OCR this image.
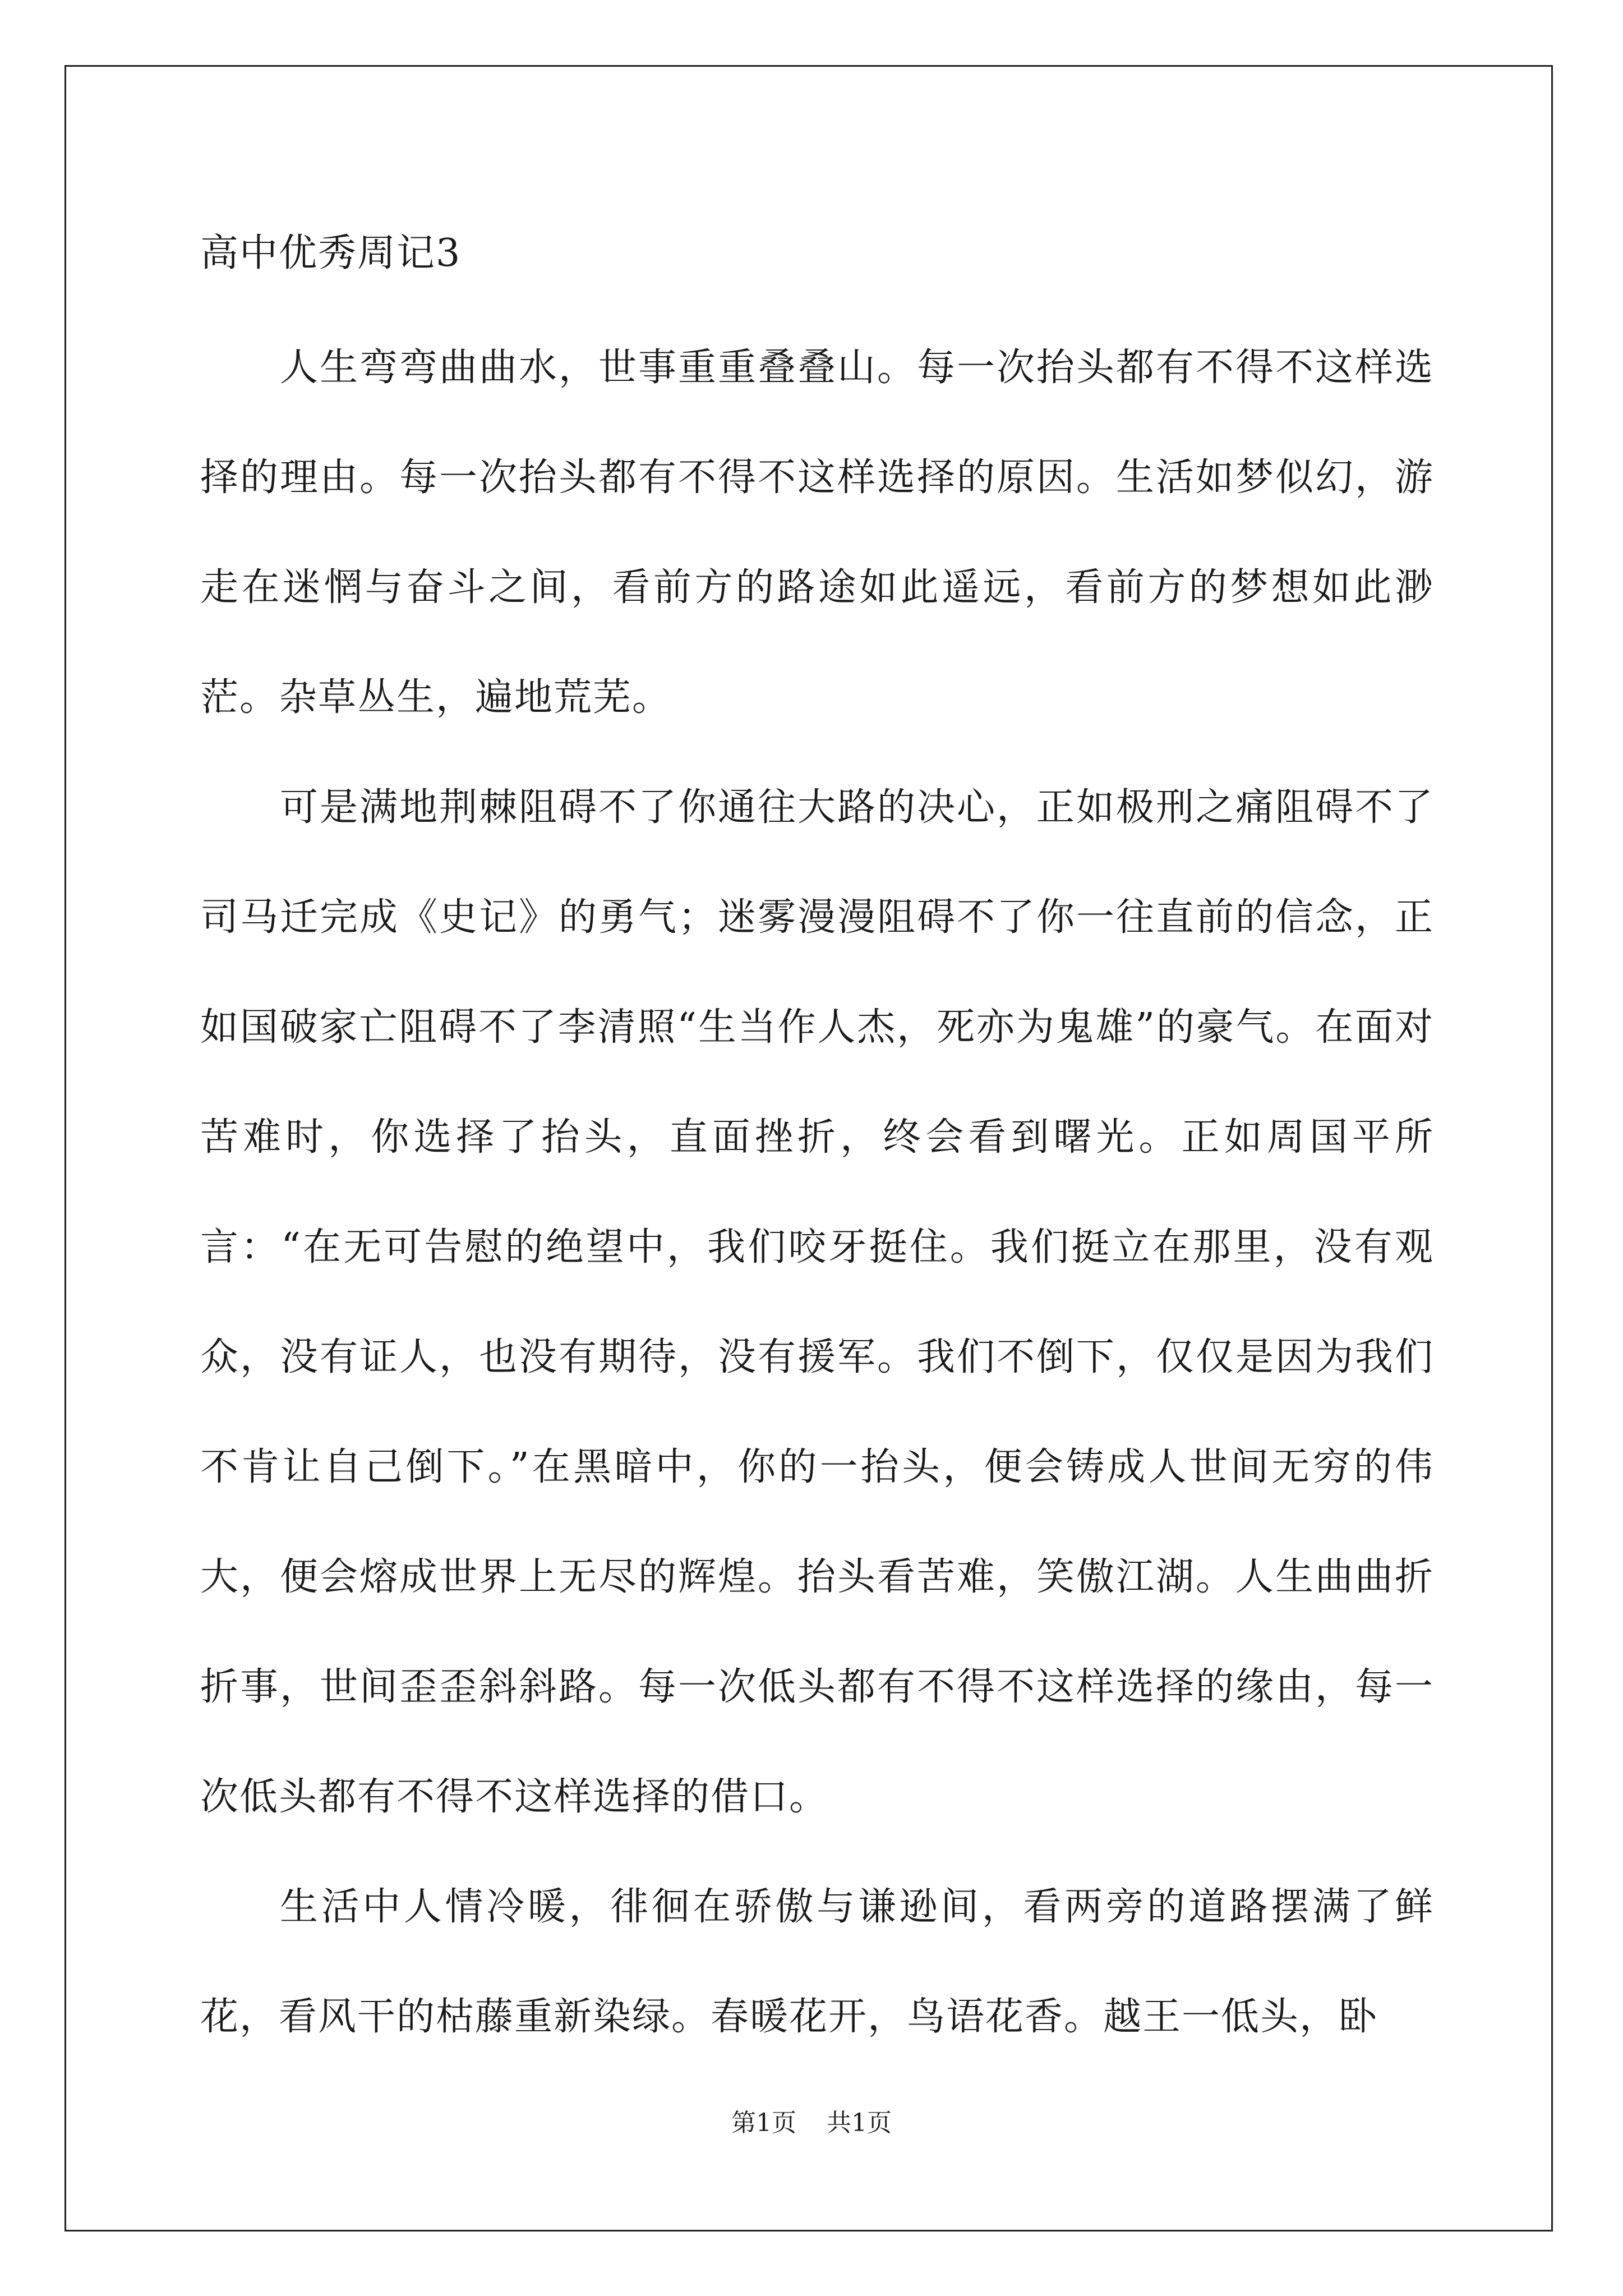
高中优秀周记3

人生弯弯曲曲水，世事重重叠叠山。每一次抬头都有不得不这样选择的理由。每一次抬头都有不得不这样选择的原因。生活如梦似幻，游走在迷惘与奋斗之间，看前方的路途如此遥远，看前方的梦想如此渺茫。杂草丛生，遍地荒芜。

可是满地荆棘阻碍不了你通往大路的决心，正如极刑之痛阻碍不了司马迁完成《史记》的勇气；迷雾漫漫阻碍不了你一往直前的信念，正如国破家亡阻碍不了李清照“生当作人杰，死亦为鬼雄”的豪气。在面对苦难时，你选择了抬头，直面挫折，终会看到曙光。正如周国平所言：“在无可告慰的绝望中，我们咬牙挺住。我们挺立在那里，没有观众，没有证人，也没有期待，没有援军。我们不倒下，仅仅是因为我们不肯让自己倒下。”在黑暗中，你的一抬头，便会铸成人世间无穷的伟大，便会熔成世界上无尽的辉煌。抬头看苦难，笑傲江湖。人生曲曲折折事，世间歪歪斜斜路。每一次低头都有不得不这样选择的缘由，每一次低头都有不得不这样选择的借口。

生活中人情冷暖，徘徊在骄傲与谦逊间，看两旁的道路摆满了鲜花，看风干的枯藤重新染绿。春暖花开，鸟语花香。越王一低头，卧

第1页 共1页
